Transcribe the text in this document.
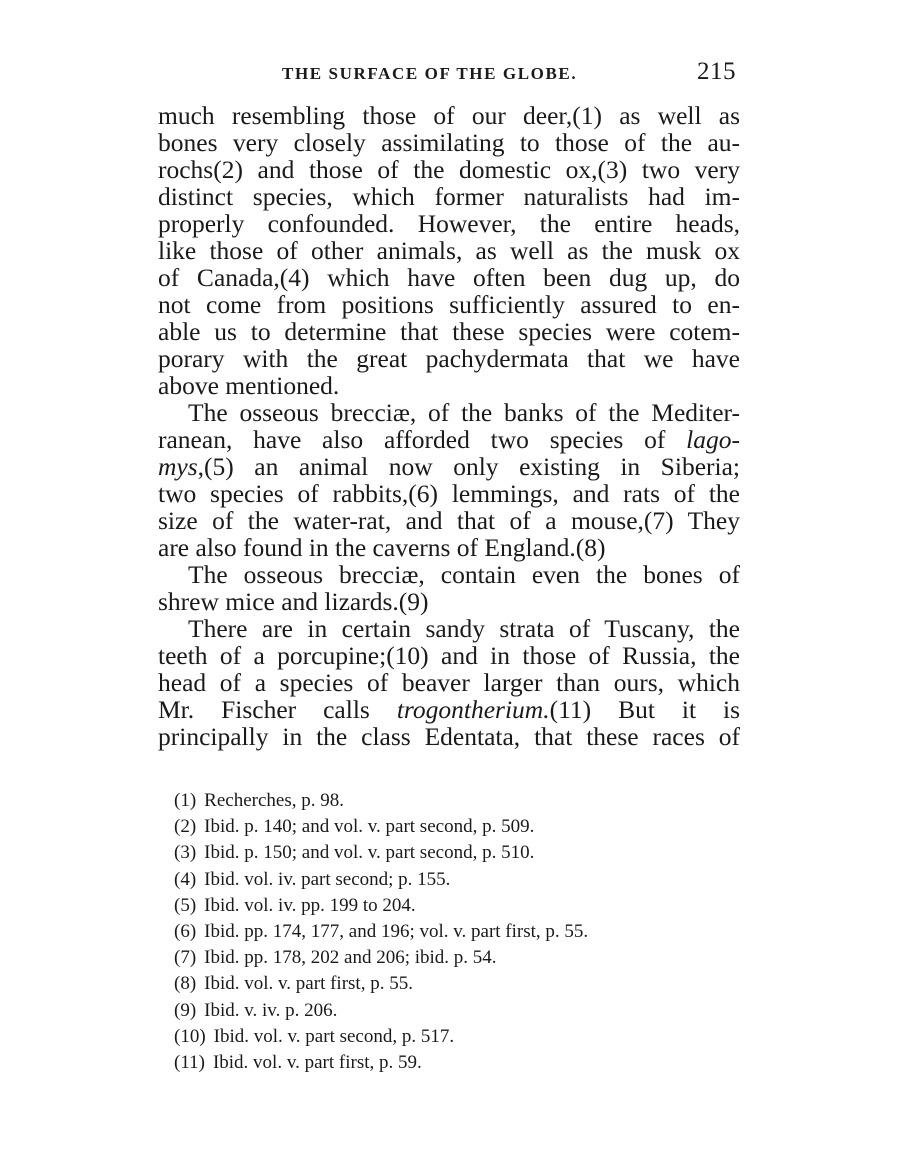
THE SURFACE OF THE GLOBE.	215
much resembling those of our deer,(1) as well as
bones very closely assimilating to those of the au-
rochs(2) and those of the domestic ox,(3) two very
distinct species, which former naturalists had im-
properly confounded. However, the entire heads,
like those of other animals, as well as the musk ox
of Canada,(4) which have often been dug up, do
not come from positions sufficiently assured to en-
able us to determine that these species were cotem-
porary with the great pachydermata that we have
above mentioned.
The osseous brecciæ, of the banks of the Mediter-
ranean, have also afforded two species of lago-
mys,(5) an animal now only existing in Siberia;
two species of rabbits,(6) lemmings, and rats of the
size of the water-rat, and that of a mouse,(7) They
are also found in the caverns of England.(8)
The osseous brecciæ, contain even the bones of
shrew mice and lizards.(9)
There are in certain sandy strata of Tuscany, the
teeth of a porcupine;(10) and in those of Russia, the
head of a species of beaver larger than ours, which
Mr. Fischer calls trogontherium.(11) But it is
principally in the class Edentata, that these races of
(1) Recherches, p. 98.
(2) Ibid. p. 140; and vol. v. part second, p. 509.
(3) Ibid. p. 150; and vol. v. part second, p. 510.
(4) Ibid. vol. iv. part second; p. 155.
(5) Ibid. vol. iv. pp. 199 to 204.
(6) Ibid. pp. 174, 177, and 196; vol. v. part first, p. 55.
(7) Ibid. pp. 178, 202 and 206; ibid. p. 54.
(8) Ibid. vol. v. part first, p. 55.
(9) Ibid. v. iv. p. 206.
(10) Ibid. vol. v. part second, p. 517.
(11) Ibid. vol. v. part first, p. 59.
